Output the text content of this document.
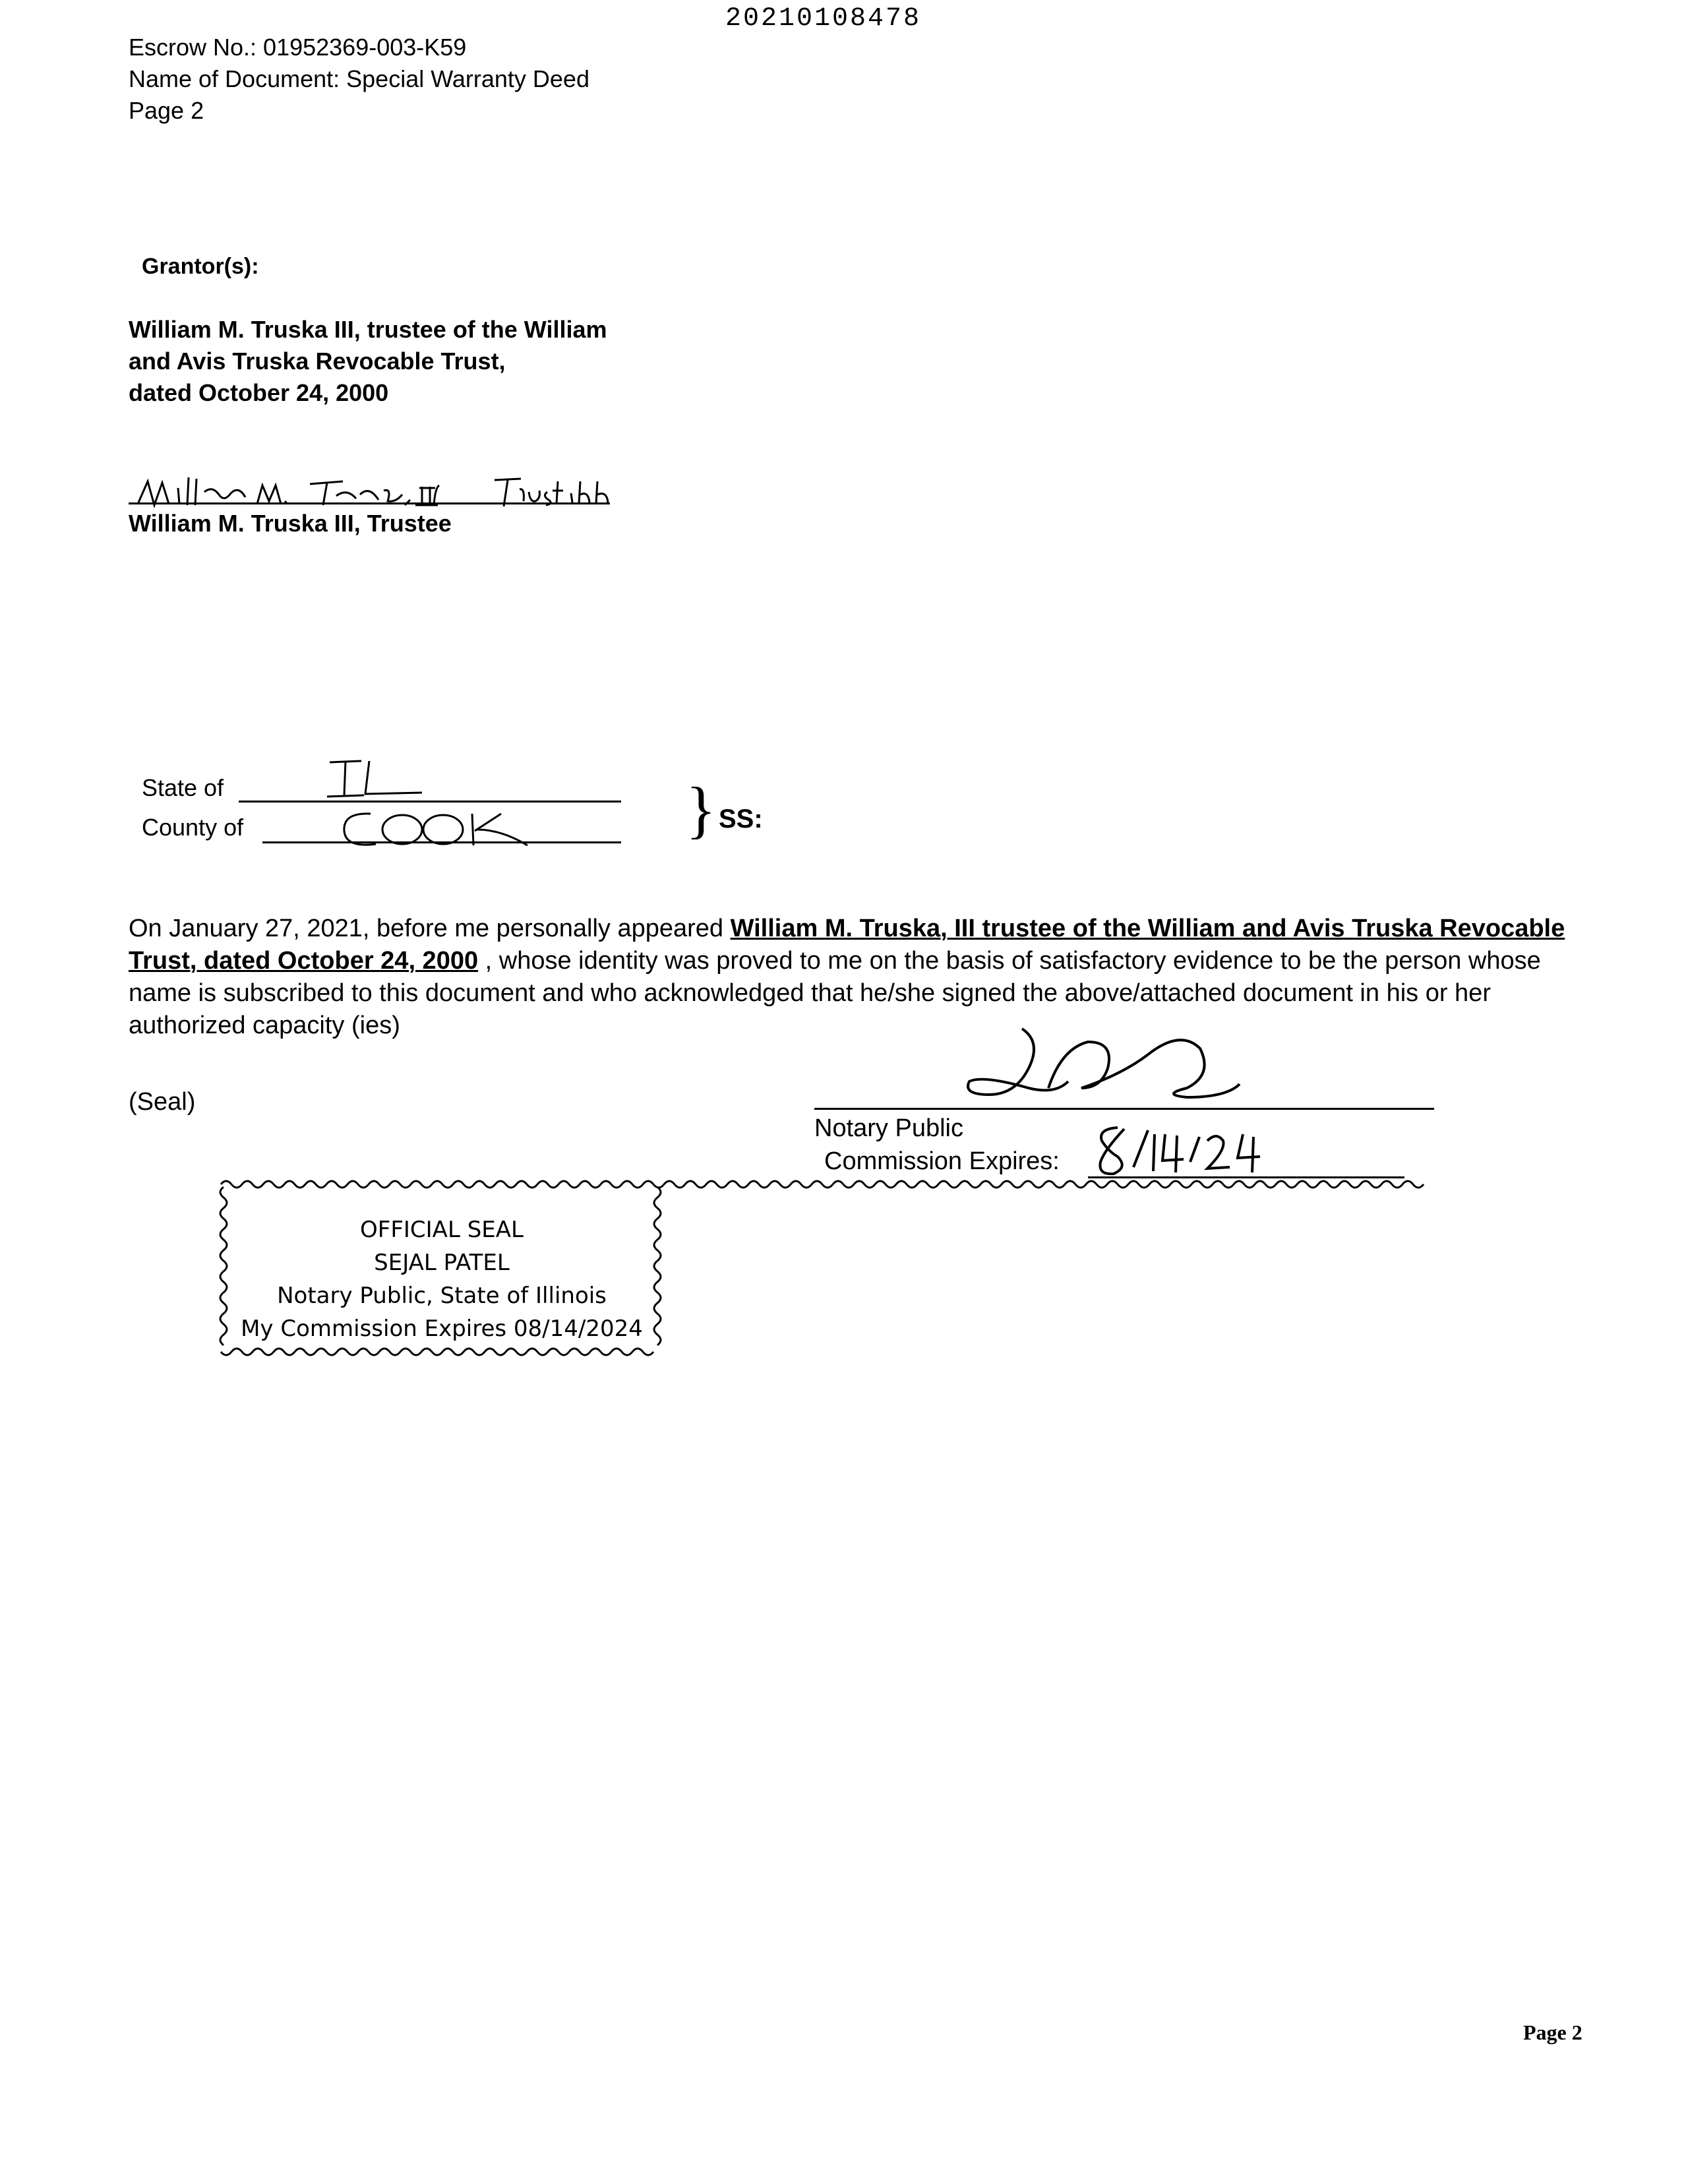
20210108478
Escrow No.: 01952369-003-K59
Name of Document: Special Warranty Deed
Page 2
Grantor(s):
William M. Truska III, trustee of the William
and Avis Truska Revocable Trust,
dated October 24, 2000
William M. Truska III, Trustee
State of
County of	} SS:
On January 27, 2021, before me personally appeared William M. Truska, III trustee of the William and Avis Truska Revocable Trust, dated October 24, 2000 , whose identity was proved to me on the basis of satisfactory evidence to be the person whose name is subscribed to this document and who acknowledged that he/she signed the above/attached document in his or her authorized capacity (ies)
(Seal)
Notary Public
Commission Expires:
OFFICIAL SEAL
SEJAL PATEL
Notary Public, State of Illinois
My Commission Expires 08/14/2024
Page 2
